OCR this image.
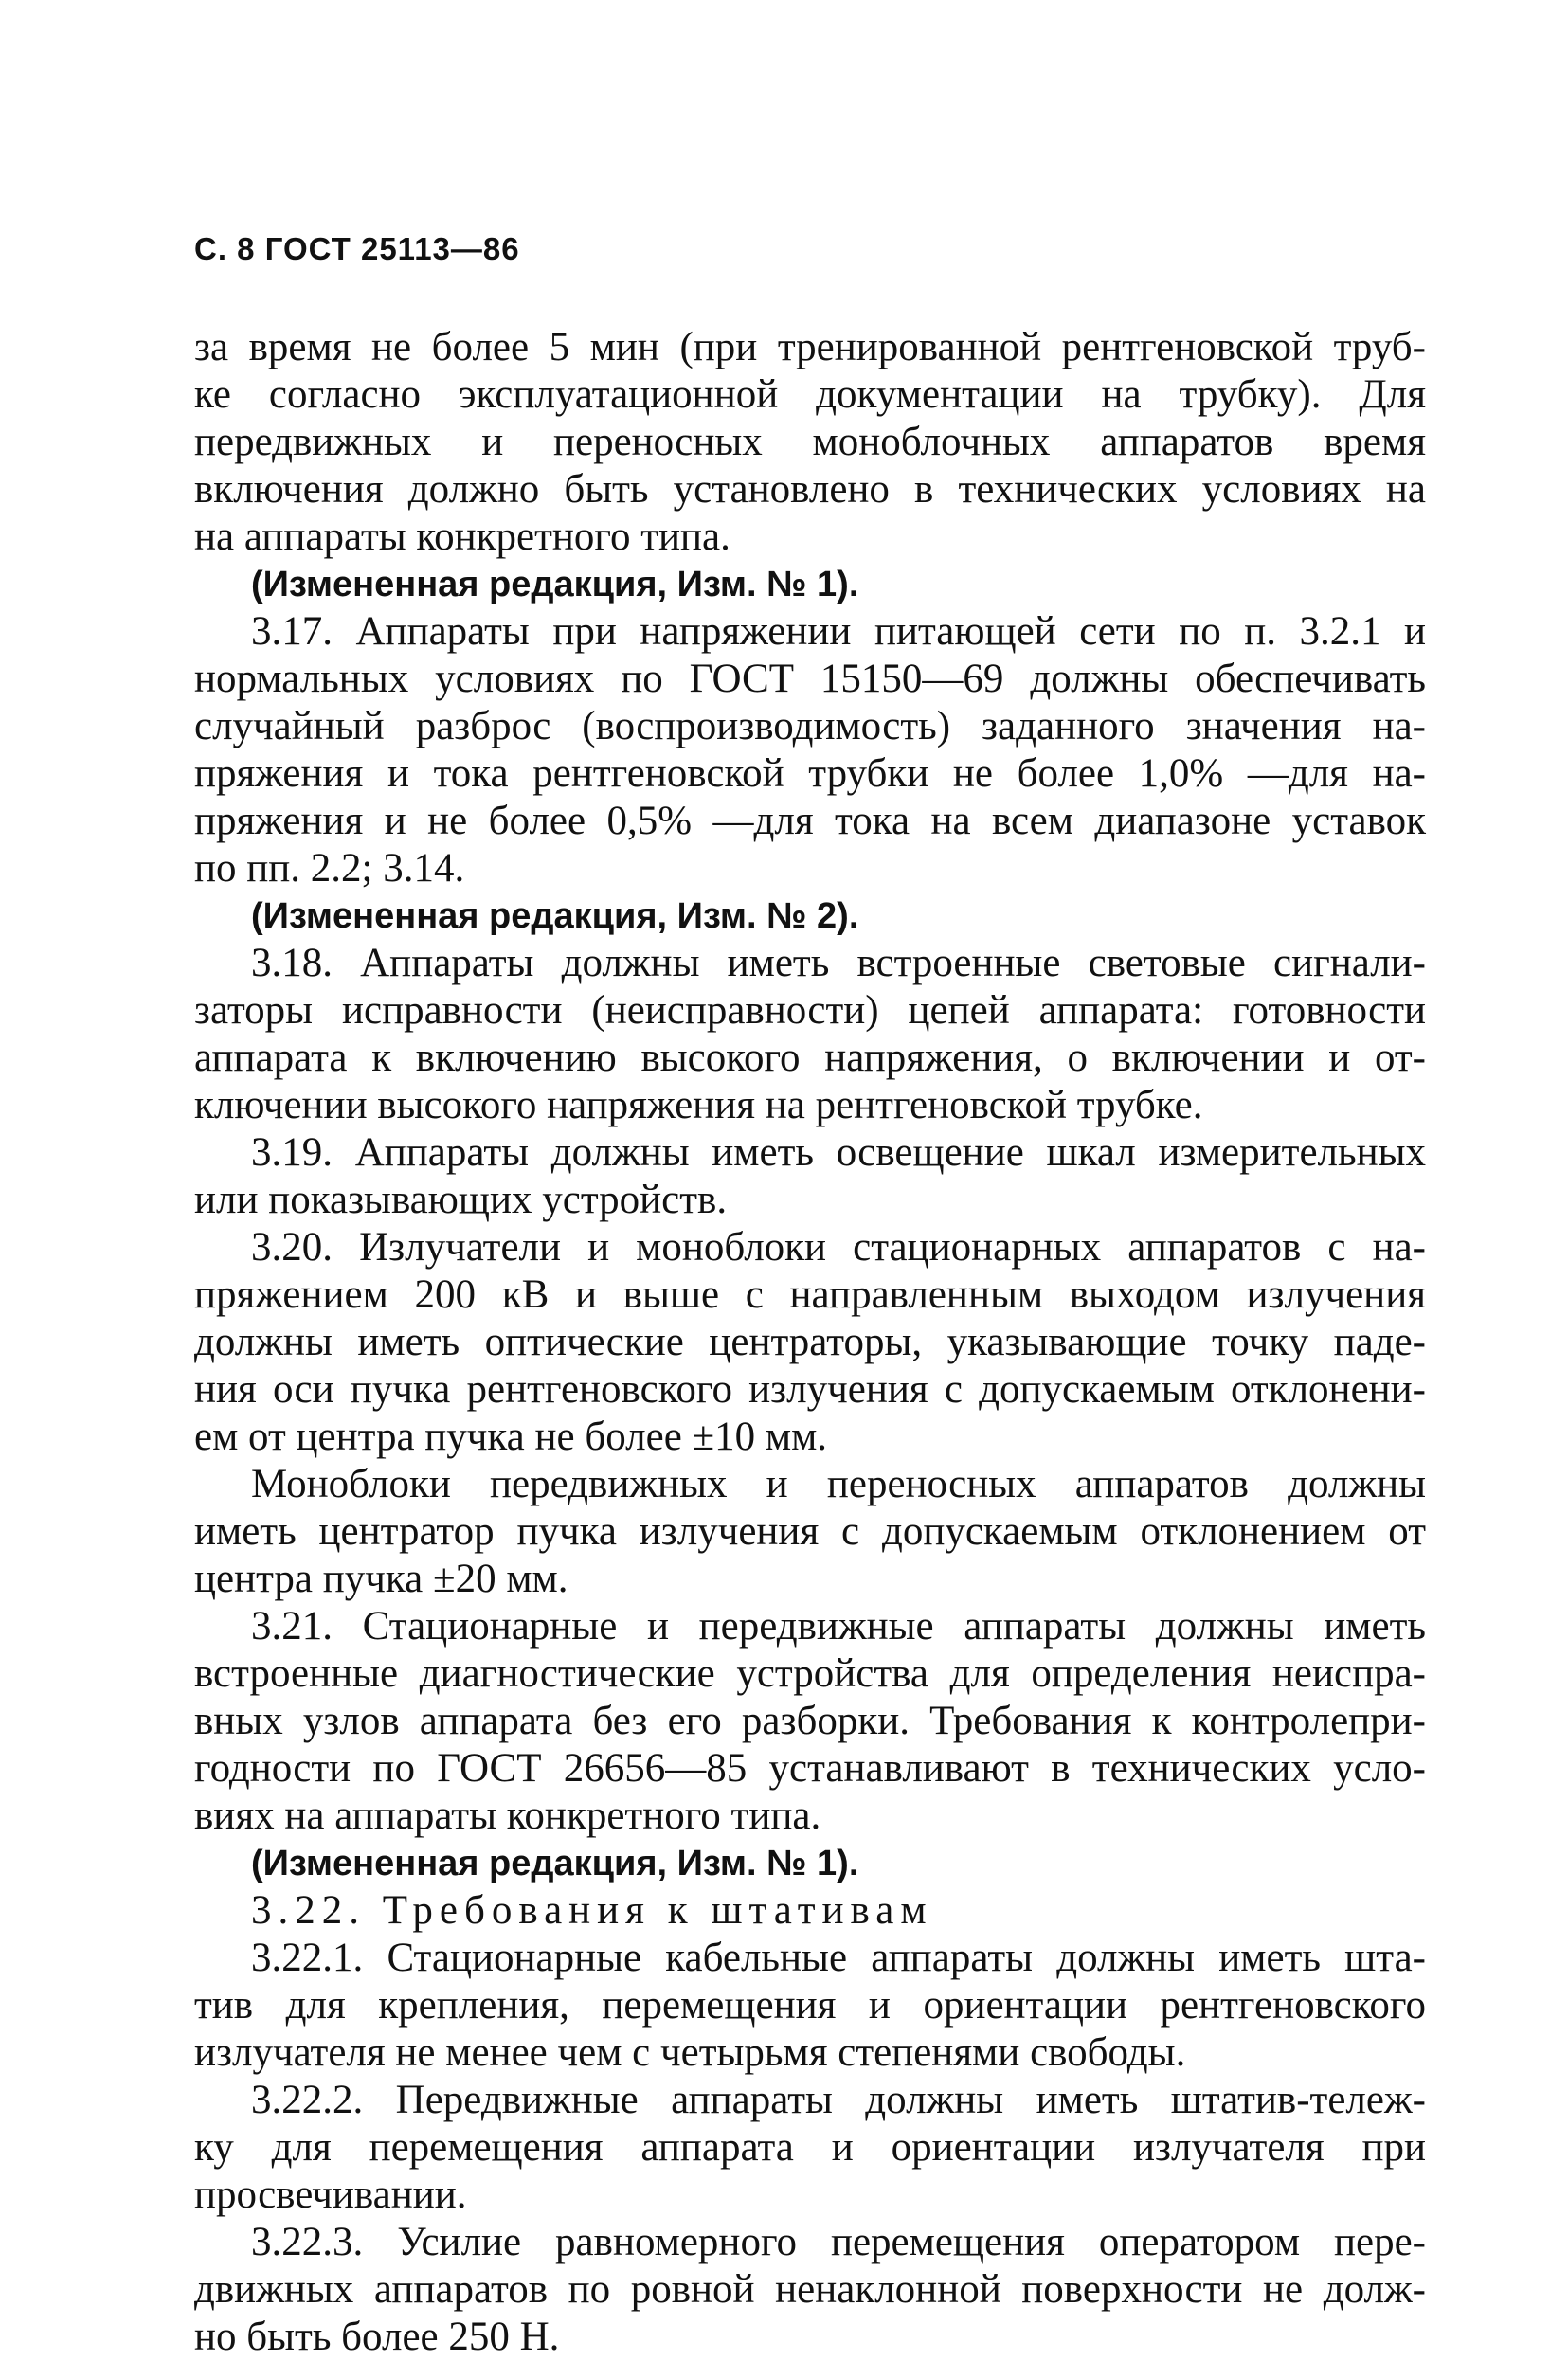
С. 8 ГОСТ 25113—86
за время не более 5 мин (при тренированной рентгеновской труб-
ке согласно эксплуатационной документации на трубку). Для
передвижных и переносных моноблочных аппаратов время
включения должно быть установлено в технических условиях на
на аппараты конкретного типа.
(Измененная редакция, Изм. № 1).
3.17. Аппараты при напряжении питающей сети по п. 3.2.1 и
нормальных условиях по ГОСТ 15150—69 должны обеспечивать
случайный разброс (воспроизводимость) заданного значения на-
пряжения и тока рентгеновской трубки не более 1,0% —для на-
пряжения и не более 0,5% —для тока на всем диапазоне уставок
по пп. 2.2; 3.14.
(Измененная редакция, Изм. № 2).
3.18. Аппараты должны иметь встроенные световые сигнали-
заторы исправности (неисправности) цепей аппарата: готовности
аппарата к включению высокого напряжения, о включении и от-
ключении высокого напряжения на рентгеновской трубке.
3.19. Аппараты должны иметь освещение шкал измерительных
или показывающих устройств.
3.20. Излучатели и моноблоки стационарных аппаратов с на-
пряжением 200 кВ и выше с направленным выходом излучения
должны иметь оптические центраторы, указывающие точку паде-
ния оси пучка рентгеновского излучения с допускаемым отклонени-
ем от центра пучка не более ±10 мм.
Моноблоки передвижных и переносных аппаратов должны
иметь центратор пучка излучения с допускаемым отклонением от
центра пучка ±20 мм.
3.21. Стационарные и передвижные аппараты должны иметь
встроенные диагностические устройства для определения неиспра-
вных узлов аппарата без его разборки. Требования к контролепри-
годности по ГОСТ 26656—85 устанавливают в технических усло-
виях на аппараты конкретного типа.
(Измененная редакция, Изм. № 1).
3.22. Требования к штативам
3.22.1. Стационарные кабельные аппараты должны иметь шта-
тив для крепления, перемещения и ориентации рентгеновского
излучателя не менее чем с четырьмя степенями свободы.
3.22.2. Передвижные аппараты должны иметь штатив-тележ-
ку для перемещения аппарата и ориентации излучателя при
просвечивании.
3.22.3. Усилие равномерного перемещения оператором пере-
движных аппаратов по ровной ненаклонной поверхности не долж-
но быть более 250 Н.
